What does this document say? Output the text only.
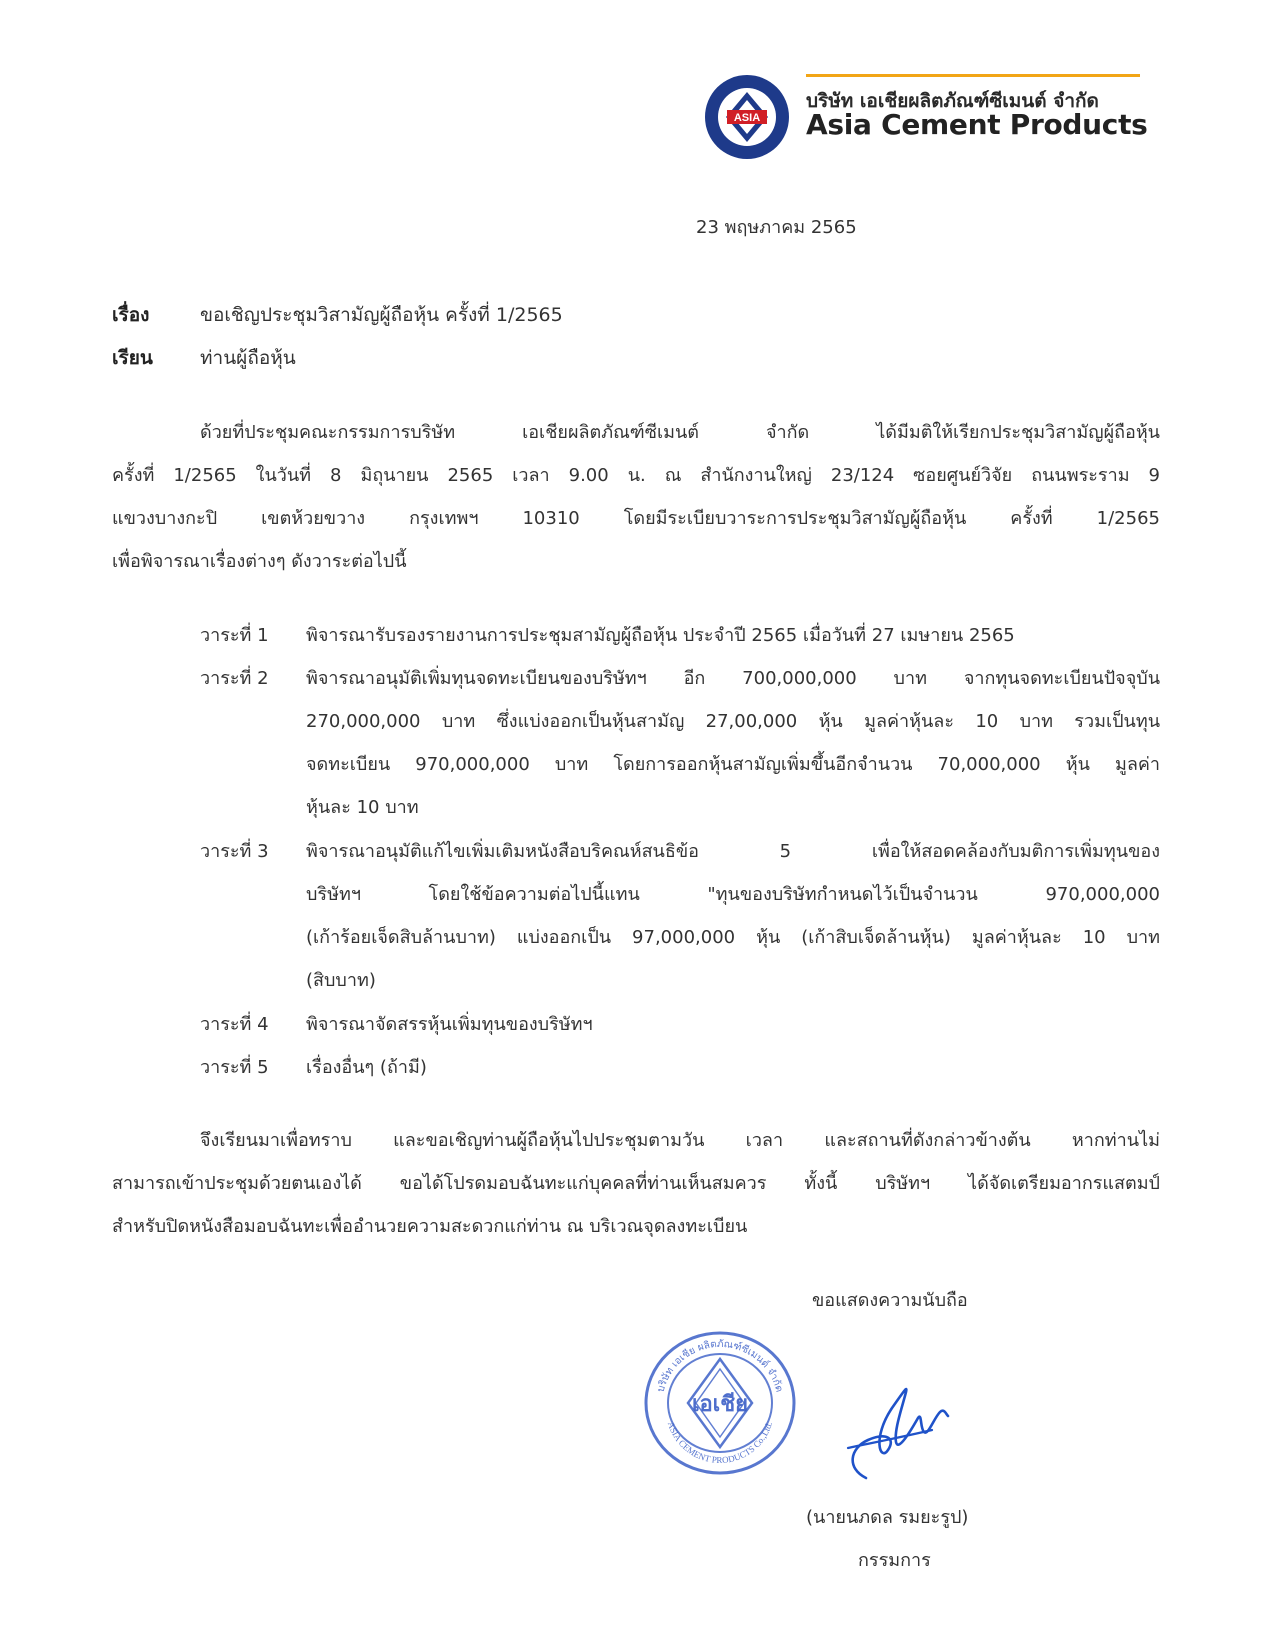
ASIA
บริษัท เอเชียผลิตภัณฑ์ซีเมนต์ จำกัด
Asia Cement Products
23 พฤษภาคม 2565
เรื่อง	ขอเชิญประชุมวิสามัญผู้ถือหุ้น ครั้งที่ 1/2565
เรียน ท่านผู้ถือหุ้น
ด้วยที่ประชุมคณะกรรมการบริษัท เอเชียผลิตภัณฑ์ซีเมนต์ จำกัด ได้มีมติให้เรียกประชุมวิสามัญผู้ถือหุ้น
ครั้งที่ 1/2565 ในวันที่ 8 มิถุนายน 2565 เวลา 9.00 น. ณ สำนักงานใหญ่ 23/124 ซอยศูนย์วิจัย ถนนพระราม 9
แขวงบางกะปิ เขตห้วยขวาง กรุงเทพฯ 10310 โดยมีระเบียบวาระการประชุมวิสามัญผู้ถือหุ้น ครั้งที่ 1/2565
เพื่อพิจารณาเรื่องต่างๆ ดังวาระต่อไปนี้
วาระที่ 1 พิจารณารับรองรายงานการประชุมสามัญผู้ถือหุ้น ประจำปี 2565 เมื่อวันที่ 27 เมษายน 2565
วาระที่ 2	พิจารณาอนุมัติเพิ่มทุนจดทะเบียนของบริษัทฯ อีก 700,000,000 บาท จากทุนจดทะเบียนปัจจุบัน
270,000,000 บาท ซึ่งแบ่งออกเป็นหุ้นสามัญ 27,00,000 หุ้น มูลค่าหุ้นละ 10 บาท รวมเป็นทุน
จดทะเบียน 970,000,000 บาท โดยการออกหุ้นสามัญเพิ่มขึ้นอีกจำนวน 70,000,000 หุ้น มูลค่า
หุ้นละ 10 บาท
วาระที่ 3	พิจารณาอนุมัติแก้ไขเพิ่มเติมหนังสือบริคณห์สนธิข้อ 5 เพื่อให้สอดคล้องกับมติการเพิ่มทุนของ
บริษัทฯ โดยใช้ข้อความต่อไปนี้แทน "ทุนของบริษัทกำหนดไว้เป็นจำนวน 970,000,000
(เก้าร้อยเจ็ดสิบล้านบาท) แบ่งออกเป็น 97,000,000 หุ้น (เก้าสิบเจ็ดล้านหุ้น) มูลค่าหุ้นละ 10 บาท
(สิบบาท)
วาระที่ 4 พิจารณาจัดสรรหุ้นเพิ่มทุนของบริษัทฯ
วาระที่ 5 เรื่องอื่นๆ (ถ้ามี)
จึงเรียนมาเพื่อทราบ และขอเชิญท่านผู้ถือหุ้นไปประชุมตามวัน เวลา และสถานที่ดังกล่าวข้างต้น หากท่านไม่
สามารถเข้าประชุมด้วยตนเองได้ ขอได้โปรดมอบฉันทะแก่บุคคลที่ท่านเห็นสมควร ทั้งนี้ บริษัทฯ ได้จัดเตรียมอากรแสตมป์
สำหรับปิดหนังสือมอบฉันทะเพื่ออำนวยความสะดวกแก่ท่าน ณ บริเวณจุดลงทะเบียน
ขอแสดงความนับถือ
เอเชีย
บริษัท เอเชีย ผลิตภัณฑ์ซีเมนต์ จำกัด
ASIA CEMENT PRODUCTS Co.,Ltd.
(นายนภดล รมยะรูป)
กรรมการ
